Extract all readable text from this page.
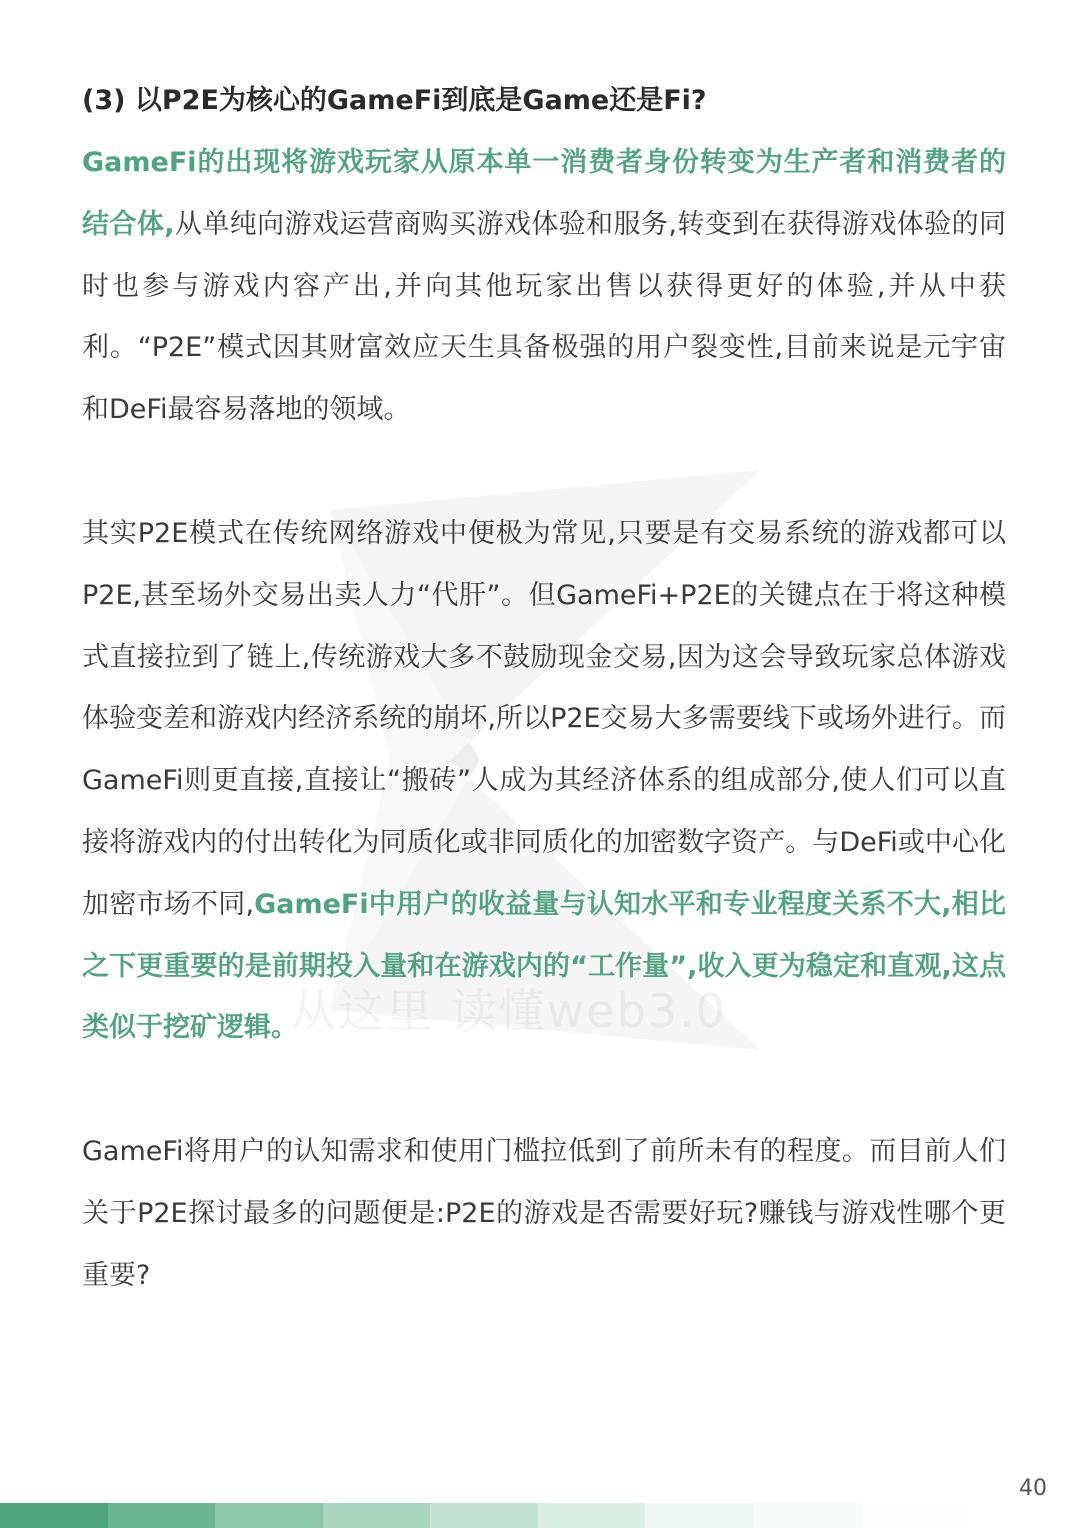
从这里 读懂web3.0
(3) 以P2E为核心的GameFi到底是Game还是Fi?

GameFi的出现将游戏玩家从原本单一消费者身份转变为生产者和消费者的结合体,从单纯向游戏运营商购买游戏体验和服务,转变到在获得游戏体验的同时也参与游戏内容产出,并向其他玩家出售以获得更好的体验,并从中获利。“P2E”模式因其财富效应天生具备极强的用户裂变性,目前来说是元宇宙和DeFi最容易落地的领域。

其实P2E模式在传统网络游戏中便极为常见,只要是有交易系统的游戏都可以P2E,甚至场外交易出卖人力“代肝”。但GameFi+P2E的关键点在于将这种模式直接拉到了链上,传统游戏大多不鼓励现金交易,因为这会导致玩家总体游戏体验变差和游戏内经济系统的崩坏,所以P2E交易大多需要线下或场外进行。而GameFi则更直接,直接让“搬砖”人成为其经济体系的组成部分,使人们可以直接将游戏内的付出转化为同质化或非同质化的加密数字资产。与DeFi或中心化加密市场不同,GameFi中用户的收益量与认知水平和专业程度关系不大,相比之下更重要的是前期投入量和在游戏内的“工作量”,收入更为稳定和直观,这点类似于挖矿逻辑。

GameFi将用户的认知需求和使用门槛拉低到了前所未有的程度。而目前人们关于P2E探讨最多的问题便是:P2E的游戏是否需要好玩?赚钱与游戏性哪个更重要?

40
